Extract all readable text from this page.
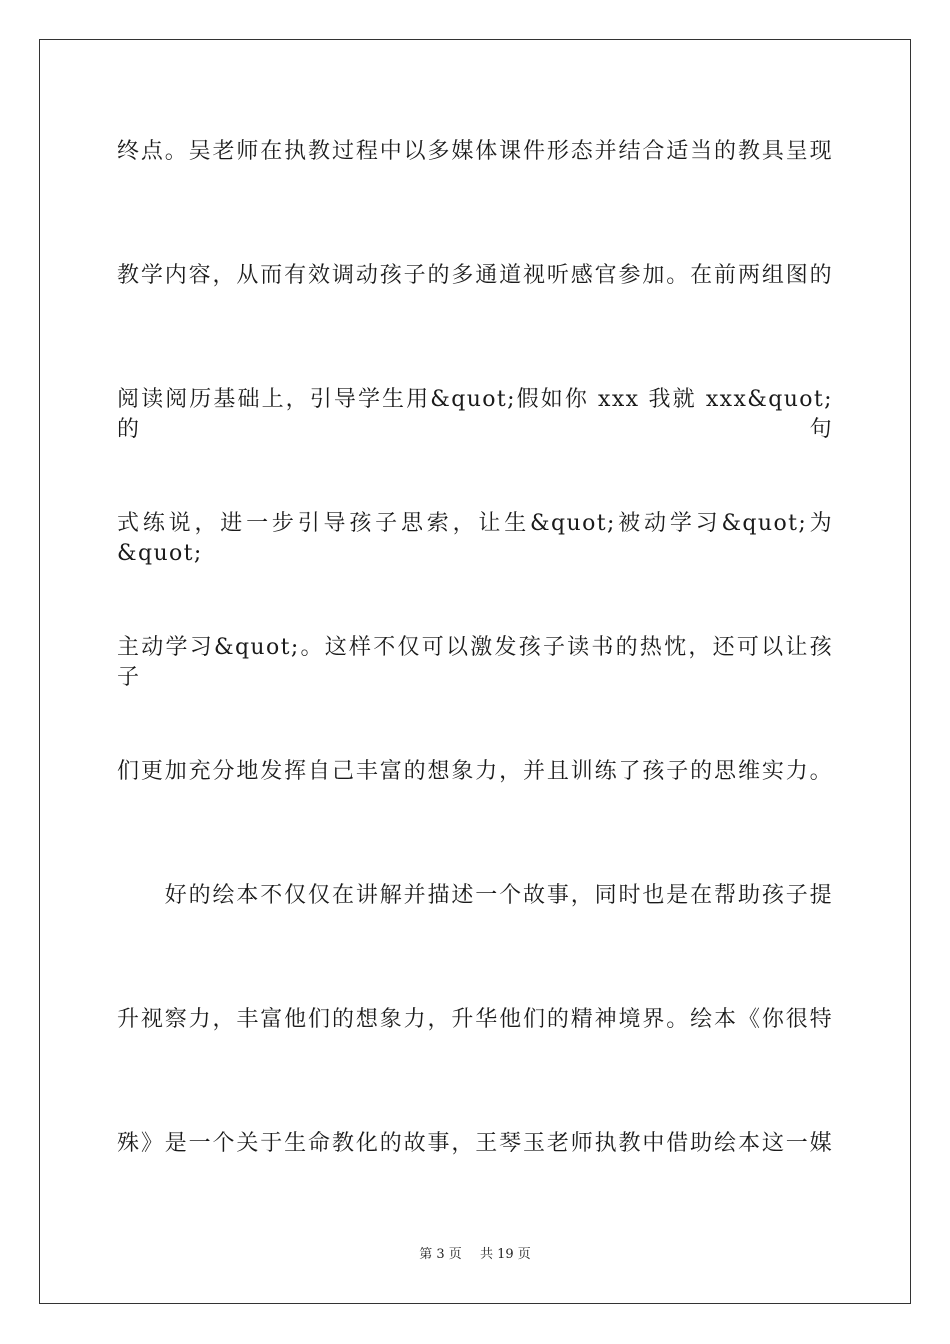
终点。吴老师在执教过程中以多媒体课件形态并结合适当的教具呈现
教学内容，从而有效调动孩子的多通道视听感官参加。在前两组图的
阅读阅历基础上，引导学生用&quot;假如你 xxx 我就 xxx&quot;的句
式练说，进一步引导孩子思索，让生&quot;被动学习&quot;为&quot;
主动学习&quot;。这样不仅可以激发孩子读书的热忱，还可以让孩子
们更加充分地发挥自己丰富的想象力，并且训练了孩子的思维实力。
　　好的绘本不仅仅在讲解并描述一个故事，同时也是在帮助孩子提
升视察力，丰富他们的想象力，升华他们的精神境界。绘本《你很特
殊》是一个关于生命教化的故事，王琴玉老师执教中借助绘本这一媒
第 3 页 共 19 页
